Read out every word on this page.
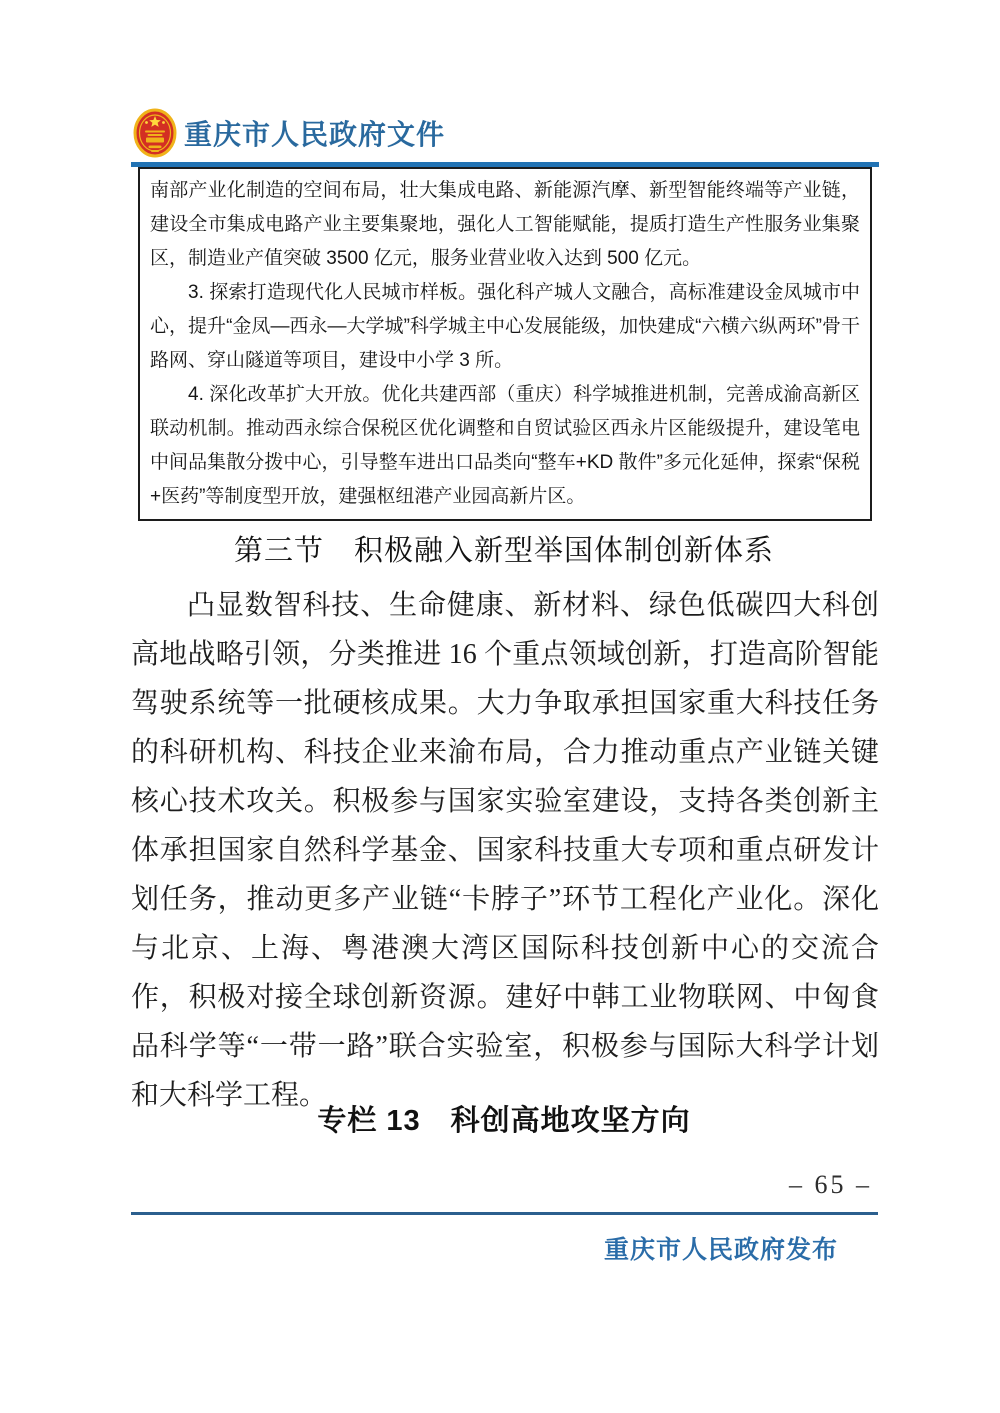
重庆市人民政府文件

南部产业化制造的空间布局，壮大集成电路、新能源汽摩、新型智能终端等产业链，建设全市集成电路产业主要集聚地，强化人工智能赋能，提质打造生产性服务业集聚区，制造业产值突破 3500 亿元，服务业营业收入达到 500 亿元。

3. 探索打造现代化人民城市样板。强化科产城人文融合，高标准建设金凤城市中心，提升“金凤—西永—大学城”科学城主中心发展能级，加快建成“六横六纵两环”骨干路网、穿山隧道等项目，建设中小学 3 所。

4. 深化改革扩大开放。优化共建西部（重庆）科学城推进机制，完善成渝高新区联动机制。推动西永综合保税区优化调整和自贸试验区西永片区能级提升，建设笔电中间品集散分拨中心，引导整车进出口品类向“整车+KD 散件”多元化延伸，探索“保税+医药”等制度型开放，建强枢纽港产业园高新片区。

第三节　积极融入新型举国体制创新体系

凸显数智科技、生命健康、新材料、绿色低碳四大科创高地战略引领，分类推进 16 个重点领域创新，打造高阶智能驾驶系统等一批硬核成果。大力争取承担国家重大科技任务的科研机构、科技企业来渝布局，合力推动重点产业链关键核心技术攻关。积极参与国家实验室建设，支持各类创新主体承担国家自然科学基金、国家科技重大专项和重点研发计划任务，推动更多产业链“卡脖子”环节工程化产业化。深化与北京、上海、粤港澳大湾区国际科技创新中心的交流合作，积极对接全球创新资源。建好中韩工业物联网、中匈食品科学等“一带一路”联合实验室，积极参与国际大科学计划和大科学工程。

专栏 13　科创高地攻坚方向
– 65 –
重庆市人民政府发布
